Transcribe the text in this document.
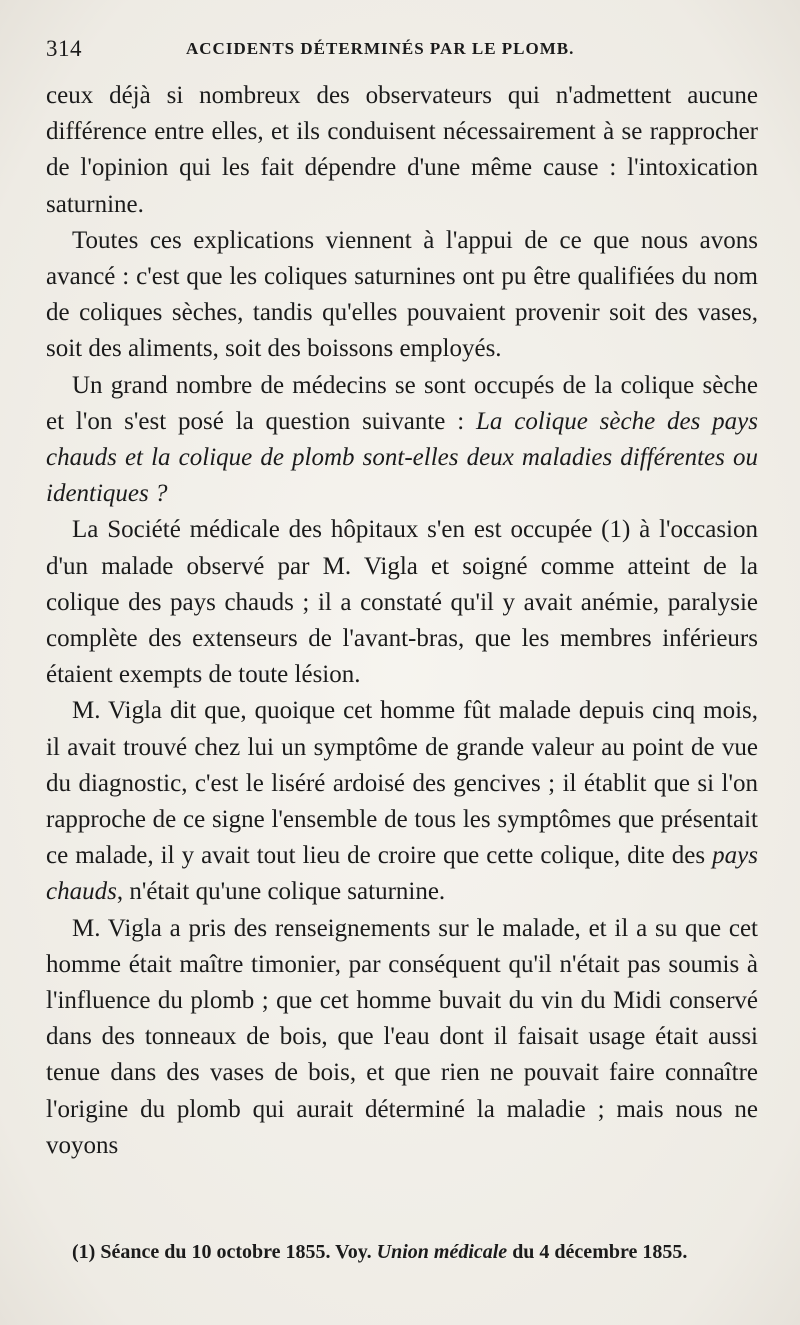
314	ACCIDENTS DÉTERMINÉS PAR LE PLOMB.

ceux déjà si nombreux des observateurs qui n'admettent aucune différence entre elles, et ils conduisent nécessairement à se rapprocher de l'opinion qui les fait dépendre d'une même cause : l'intoxication saturnine.

Toutes ces explications viennent à l'appui de ce que nous avons avancé : c'est que les coliques saturnines ont pu être qualifiées du nom de coliques sèches, tandis qu'elles pouvaient provenir soit des vases, soit des aliments, soit des boissons employés.

Un grand nombre de médecins se sont occupés de la colique sèche et l'on s'est posé la question suivante : La colique sèche des pays chauds et la colique de plomb sont-elles deux maladies différentes ou identiques ?

La Société médicale des hôpitaux s'en est occupée (1) à l'occasion d'un malade observé par M. Vigla et soigné comme atteint de la colique des pays chauds ; il a constaté qu'il y avait anémie, paralysie complète des extenseurs de l'avant-bras, que les membres inférieurs étaient exempts de toute lésion.

M. Vigla dit que, quoique cet homme fût malade depuis cinq mois, il avait trouvé chez lui un symptôme de grande valeur au point de vue du diagnostic, c'est le liséré ardoisé des gencives ; il établit que si l'on rapproche de ce signe l'ensemble de tous les symptômes que présentait ce malade, il y avait tout lieu de croire que cette colique, dite des pays chauds, n'était qu'une colique saturnine.

M. Vigla a pris des renseignements sur le malade, et il a su que cet homme était maître timonier, par conséquent qu'il n'était pas soumis à l'influence du plomb ; que cet homme buvait du vin du Midi conservé dans des tonneaux de bois, que l'eau dont il faisait usage était aussi tenue dans des vases de bois, et que rien ne pouvait faire connaître l'origine du plomb qui aurait déterminé la maladie ; mais nous ne voyons

(1) Séance du 10 octobre 1855. Voy. Union médicale du 4 décembre 1855.
